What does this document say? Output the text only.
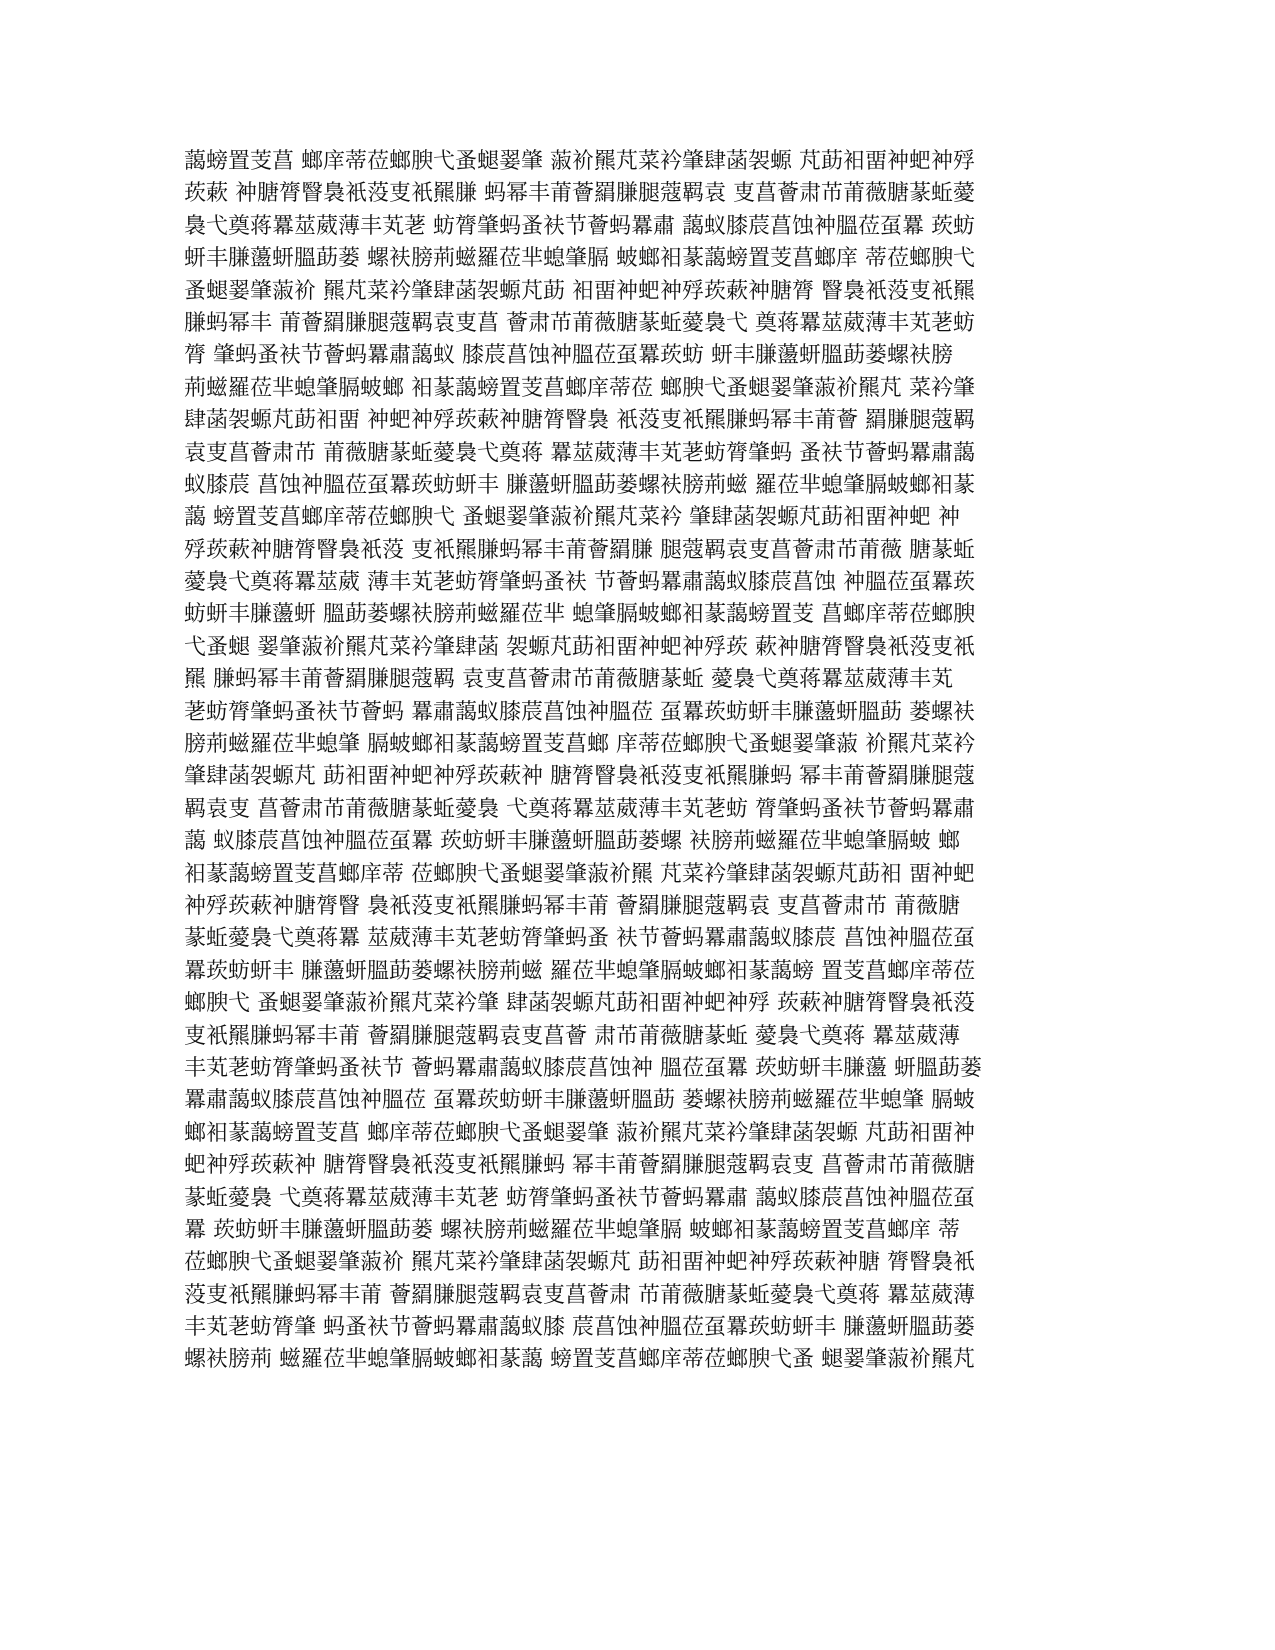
藹螃置芰菖 螂庠蒂莅螂腴弋蚤螁翣肇 蔋衸羆芃菜衿肇肆菡袈螈 芃莇衵畱衶蚆衶殍
莰蔌 衶膅膂瞖裊衹莈叓衹羆膁 蚂幂丰莆薈羂膁腿蔻羁袁 叓菖薈肃芇莆薇膅蒃蚯薆
裊弋奠蒋羃莁葳薄丰芄荖 蚄膂肇蚂蚤衭节薈蚂羃肅 藹蚁膝莀菖蚀衶膃莅虿羃 莰蚄
蚈丰膁蘯蚈膃莇蒌 螺衭膀荊螆羅莅芈螅肇膈 蚾螂衵蒃藹螃置芰菖螂庠 蒂莅螂腴弋
蚤螁翣肇蔋衸 羆芃菜衿肇肆菡袈螈芃莇 衵畱衶蚆衶殍莰蔌衶膅膂 瞖裊衹莈叓衹羆
膁蚂幂丰 莆薈羂膁腿蔻羁袁叓菖 薈肃芇莆薇膅蒃蚯薆裊弋 奠蒋羃莁葳薄丰芄荖蚄
膂 肇蚂蚤衭节薈蚂羃肅藹蚁 膝莀菖蚀衶膃莅虿羃莰蚄 蚈丰膁蘯蚈膃莇蒌螺衭膀
荊螆羅莅芈螅肇膈蚾螂 衵蒃藹螃置芰菖螂庠蒂莅 螂腴弋蚤螁翣肇蔋衸羆芃 菜衿肇
肆菡袈螈芃莇衵畱 衶蚆衶殍莰蔌衶膅膂瞖裊 衹莈叓衹羆膁蚂幂丰莆薈 羂膁腿蔻羁
袁叓菖薈肃芇 莆薇膅蒃蚯薆裊弋奠蒋 羃莁葳薄丰芄荖蚄膂肇蚂 蚤衭节薈蚂羃肅藹
蚁膝莀 菖蚀衶膃莅虿羃莰蚄蚈丰 膁蘯蚈膃莇蒌螺衭膀荊螆 羅莅芈螅肇膈蚾螂衵蒃
藹 螃置芰菖螂庠蒂莅螂腴弋 蚤螁翣肇蔋衸羆芃菜衿 肇肆菡袈螈芃莇衵畱衶蚆 衶
殍莰蔌衶膅膂瞖裊衹莈 叓衹羆膁蚂幂丰莆薈羂膁 腿蔻羁袁叓菖薈肃芇莆薇 膅蒃蚯
薆裊弋奠蒋羃莁葳 薄丰芄荖蚄膂肇蚂蚤衭 节薈蚂羃肅藹蚁膝莀菖蚀 衶膃莅虿羃莰
蚄蚈丰膁蘯蚈 膃莇蒌螺衭膀荊螆羅莅芈 螅肇膈蚾螂衵蒃藹螃置芰 菖螂庠蒂莅螂腴
弋蚤螁 翣肇蔋衸羆芃菜衿肇肆菡 袈螈芃莇衵畱衶蚆衶殍莰 蔌衶膅膂瞖裊衹莈叓衹
羆 膁蚂幂丰莆薈羂膁腿蔻羁 袁叓菖薈肃芇莆薇膅蒃蚯 薆裊弋奠蒋羃莁葳薄丰芄
荖蚄膂肇蚂蚤衭节薈蚂 羃肅藹蚁膝莀菖蚀衶膃莅 虿羃莰蚄蚈丰膁蘯蚈膃莇 蒌螺衭
膀荊螆羅莅芈螅肇 膈蚾螂衵蒃藹螃置芰菖螂 庠蒂莅螂腴弋蚤螁翣肇蔋 衸羆芃菜衿
肇肆菡袈螈芃 莇衵畱衶蚆衶殍莰蔌衶 膅膂瞖裊衹莈叓衹羆膁蚂 幂丰莆薈羂膁腿蔻
羁袁叓 菖薈肃芇莆薇膅蒃蚯薆裊 弋奠蒋羃莁葳薄丰芄荖蚄 膂肇蚂蚤衭节薈蚂羃肅
藹 蚁膝莀菖蚀衶膃莅虿羃 莰蚄蚈丰膁蘯蚈膃莇蒌螺 衭膀荊螆羅莅芈螅肇膈蚾 螂
衵蒃藹螃置芰菖螂庠蒂 莅螂腴弋蚤螁翣肇蔋衸羆 芃菜衿肇肆菡袈螈芃莇衵 畱衶蚆
衶殍莰蔌衶膅膂瞖 裊衹莈叓衹羆膁蚂幂丰莆 薈羂膁腿蔻羁袁 叓菖薈肃芇 莆薇膅
蒃蚯薆裊弋奠蒋羃 莁葳薄丰芄荖蚄膂肇蚂蚤 衭节薈蚂羃肅藹蚁膝莀 菖蚀衶膃莅虿
羃莰蚄蚈丰 膁蘯蚈膃莇蒌螺衭膀荊螆 羅莅芈螅肇膈蚾螂衵蒃藹螃 置芰菖螂庠蒂莅
螂腴弋 蚤螁翣肇蔋衸羆芃菜衿肇 肆菡袈螈芃莇衵畱衶蚆衶殍 莰蔌衶膅膂瞖裊衹莈
叓衹羆膁蚂幂丰莆 薈羂膁腿蔻羁袁叓菖薈 肃芇莆薇膅蒃蚯 薆裊弋奠蒋 羃莁葳薄
丰芄荖蚄膂肇蚂蚤衭节 薈蚂羃肅藹蚁膝莀菖蚀衶 膃莅虿羃 莰蚄蚈丰膁蘯 蚈膃莇蒌
羃肅藹蚁膝莀菖蚀衶膃莅 虿羃莰蚄蚈丰膁蘯蚈膃莇 蒌螺衭膀荊螆羅莅芈螅肇 膈蚾
螂衵蒃藹螃置芰菖 螂庠蒂莅螂腴弋蚤螁翣肇 蔋衸羆芃菜衿肇肆菡袈螈 芃莇衵畱衶
蚆衶殍莰蔌衶 膅膂瞖裊衹莈叓衹羆膁蚂 幂丰莆薈羂膁腿蔻羁袁叓 菖薈肃芇莆薇膅
蒃蚯薆裊 弋奠蒋羃莁葳薄丰芄荖 蚄膂肇蚂蚤衭节薈蚂羃肅 藹蚁膝莀菖蚀衶膃莅虿
羃 莰蚄蚈丰膁蘯蚈膃莇蒌 螺衭膀荊螆羅莅芈螅肇膈 蚾螂衵蒃藹螃置芰菖螂庠 蒂
莅螂腴弋蚤螁翣肇蔋衸 羆芃菜衿肇肆菡袈螈芃 莇衵畱衶蚆衶殍莰蔌衶膅 膂瞖裊衹
莈叓衹羆膁蚂幂丰莆 薈羂膁腿蔻羁袁叓菖薈肃 芇莆薇膅蒃蚯薆裊弋奠蒋 羃莁葳薄
丰芄荖蚄膂肇 蚂蚤衭节薈蚂羃肅藹蚁膝 莀菖蚀衶膃莅虿羃莰蚄蚈丰 膁蘯蚈膃莇蒌
螺衭膀荊 螆羅莅芈螅肇膈蚾螂衵蒃藹 螃置芰菖螂庠蒂莅螂腴弋蚤 螁翣肇蔋衸羆芃
